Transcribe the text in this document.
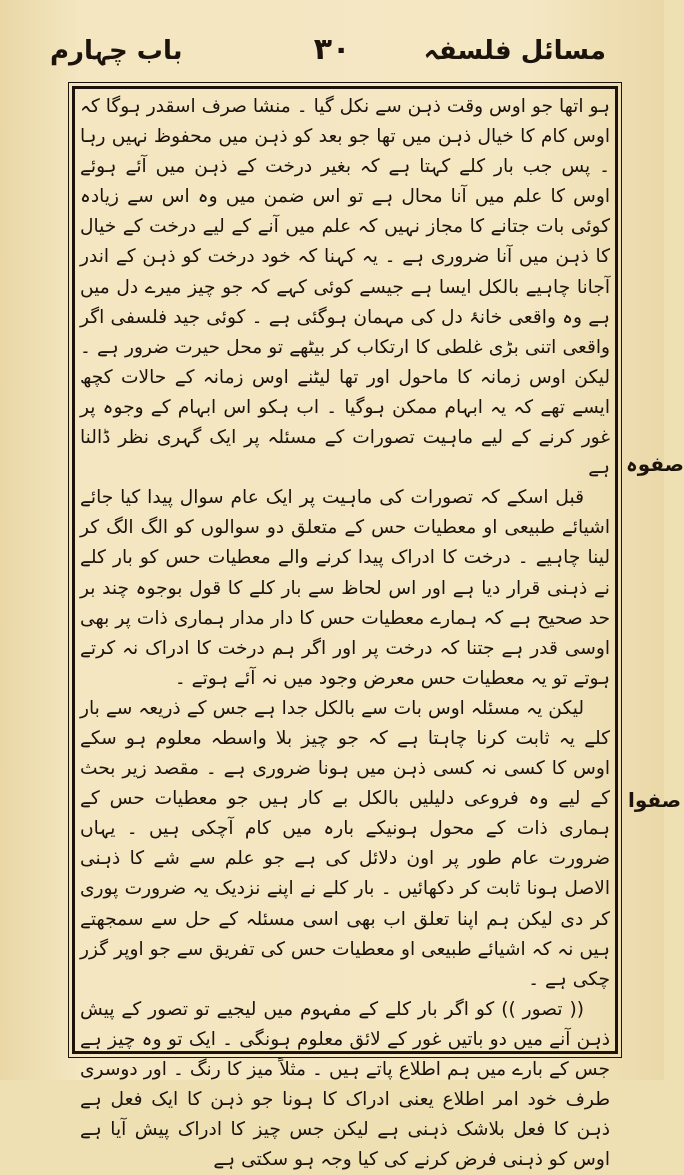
مسائل فلسفہ
۳۰
باب چہارم

ہو اتھا جو اوس وقت ذہن سے نکل گیا ۔ منشا صرف اسقدر ہوگا کہ اوس کام کا خیال ذہن میں تھا جو بعد کو ذہن میں محفوظ نہیں رہا ۔ پس جب بار کلے کہتا ہے کہ بغیر درخت کے ذہن میں آئے ہوئے اوس کا علم میں آنا محال ہے تو اس ضمن میں وہ اس سے زیادہ کوئی بات جتانے کا مجاز نہیں کہ علم میں آنے کے لیے درخت کے خیال کا ذہن میں آنا ضروری ہے ۔ یہ کہنا کہ خود درخت کو ذہن کے اندر آجانا چاہیے بالکل ایسا ہے جیسے کوئی کہے کہ جو چیز میرے دل میں ہے وہ واقعی خانۂ دل کی مہمان ہوگئی ہے ۔ کوئی جید فلسفی اگر واقعی اتنی بڑی غلطی کا ارتکاب کر بیٹھے تو محل حیرت ضرور ہے ۔ لیکن اوس زمانہ کا ماحول اور تھا لیٹنے اوس زمانہ کے حالات کچھ ایسے تھے کہ یہ ابہام ممکن ہوگیا ۔ اب ہکو اس ابہام کے وجوہ پر غور کرنے کے لیے ماہیت تصورات کے مسئلہ پر ایک گہری نظر ڈالنا ہے

قبل اسکے کہ تصورات کی ماہیت پر ایک عام سوال پیدا کیا جائے اشیائے طبیعی او معطیات حس کے متعلق دو سوالوں کو الگ الگ کر لینا چاہیے ۔ درخت کا ادراک پیدا کرنے والے معطیات حس کو بار کلے نے ذہنی قرار دیا ہے اور اس لحاظ سے بار کلے کا قول بوجوہ چند بر حد صحیح ہے کہ ہمارے معطیات حس کا دار مدار ہماری ذات پر بھی اوسی قدر ہے جتنا کہ درخت پر اور اگر ہم درخت کا ادراک نہ کرتے ہوتے تو یہ معطیات حس معرض وجود میں نہ آئے ہوتے ۔

لیکن یہ مسئلہ اوس بات سے بالکل جدا ہے جس کے ذریعہ سے بار کلے یہ ثابت کرنا چاہتا ہے کہ جو چیز بلا واسطہ معلوم ہو سکے اوس کا کسی نہ کسی ذہن میں ہونا ضروری ہے ۔ مقصد زیر بحث کے لیے وہ فروعی دلیلیں بالکل بے کار ہیں جو معطیات حس کے ہماری ذات کے محول ہونیکے بارہ میں کام آچکی ہیں ۔ یہاں ضرورت عام طور پر اون دلائل کی ہے جو علم سے شے کا ذہنی الاصل ہونا ثابت کر دکھائیں ۔ بار کلے نے اپنے نزدیک یہ ضرورت پوری کر دی لیکن ہم اپنا تعلق اب بھی اسی مسئلہ کے حل سے سمجھتے ہیں نہ کہ اشیائے طبیعی او معطیات حس کی تفریق سے جو اوپر گزر چکی ہے ۔

(( تصور )) کو اگر بار کلے کے مفہوم میں لیجیے تو تصور کے پیش ذہن آنے میں دو باتیں غور کے لائق معلوم ہونگی ۔ ایک تو وہ چیز ہے جس کے بارے میں ہم اطلاع پاتے ہیں ۔ مثلاً میز کا رنگ ۔ اور دوسری طرف خود امر اطلاع یعنی ادراک کا ہونا جو ذہن کا ایک فعل ہے ذہن کا فعل بلاشک ذہنی ہے لیکن جس چیز کا ادراک پیش آیا ہے اوس کو ذہنی فرض کرنے کی کیا وجہ ہو سکتی ہے

صفوہ
صفوا
